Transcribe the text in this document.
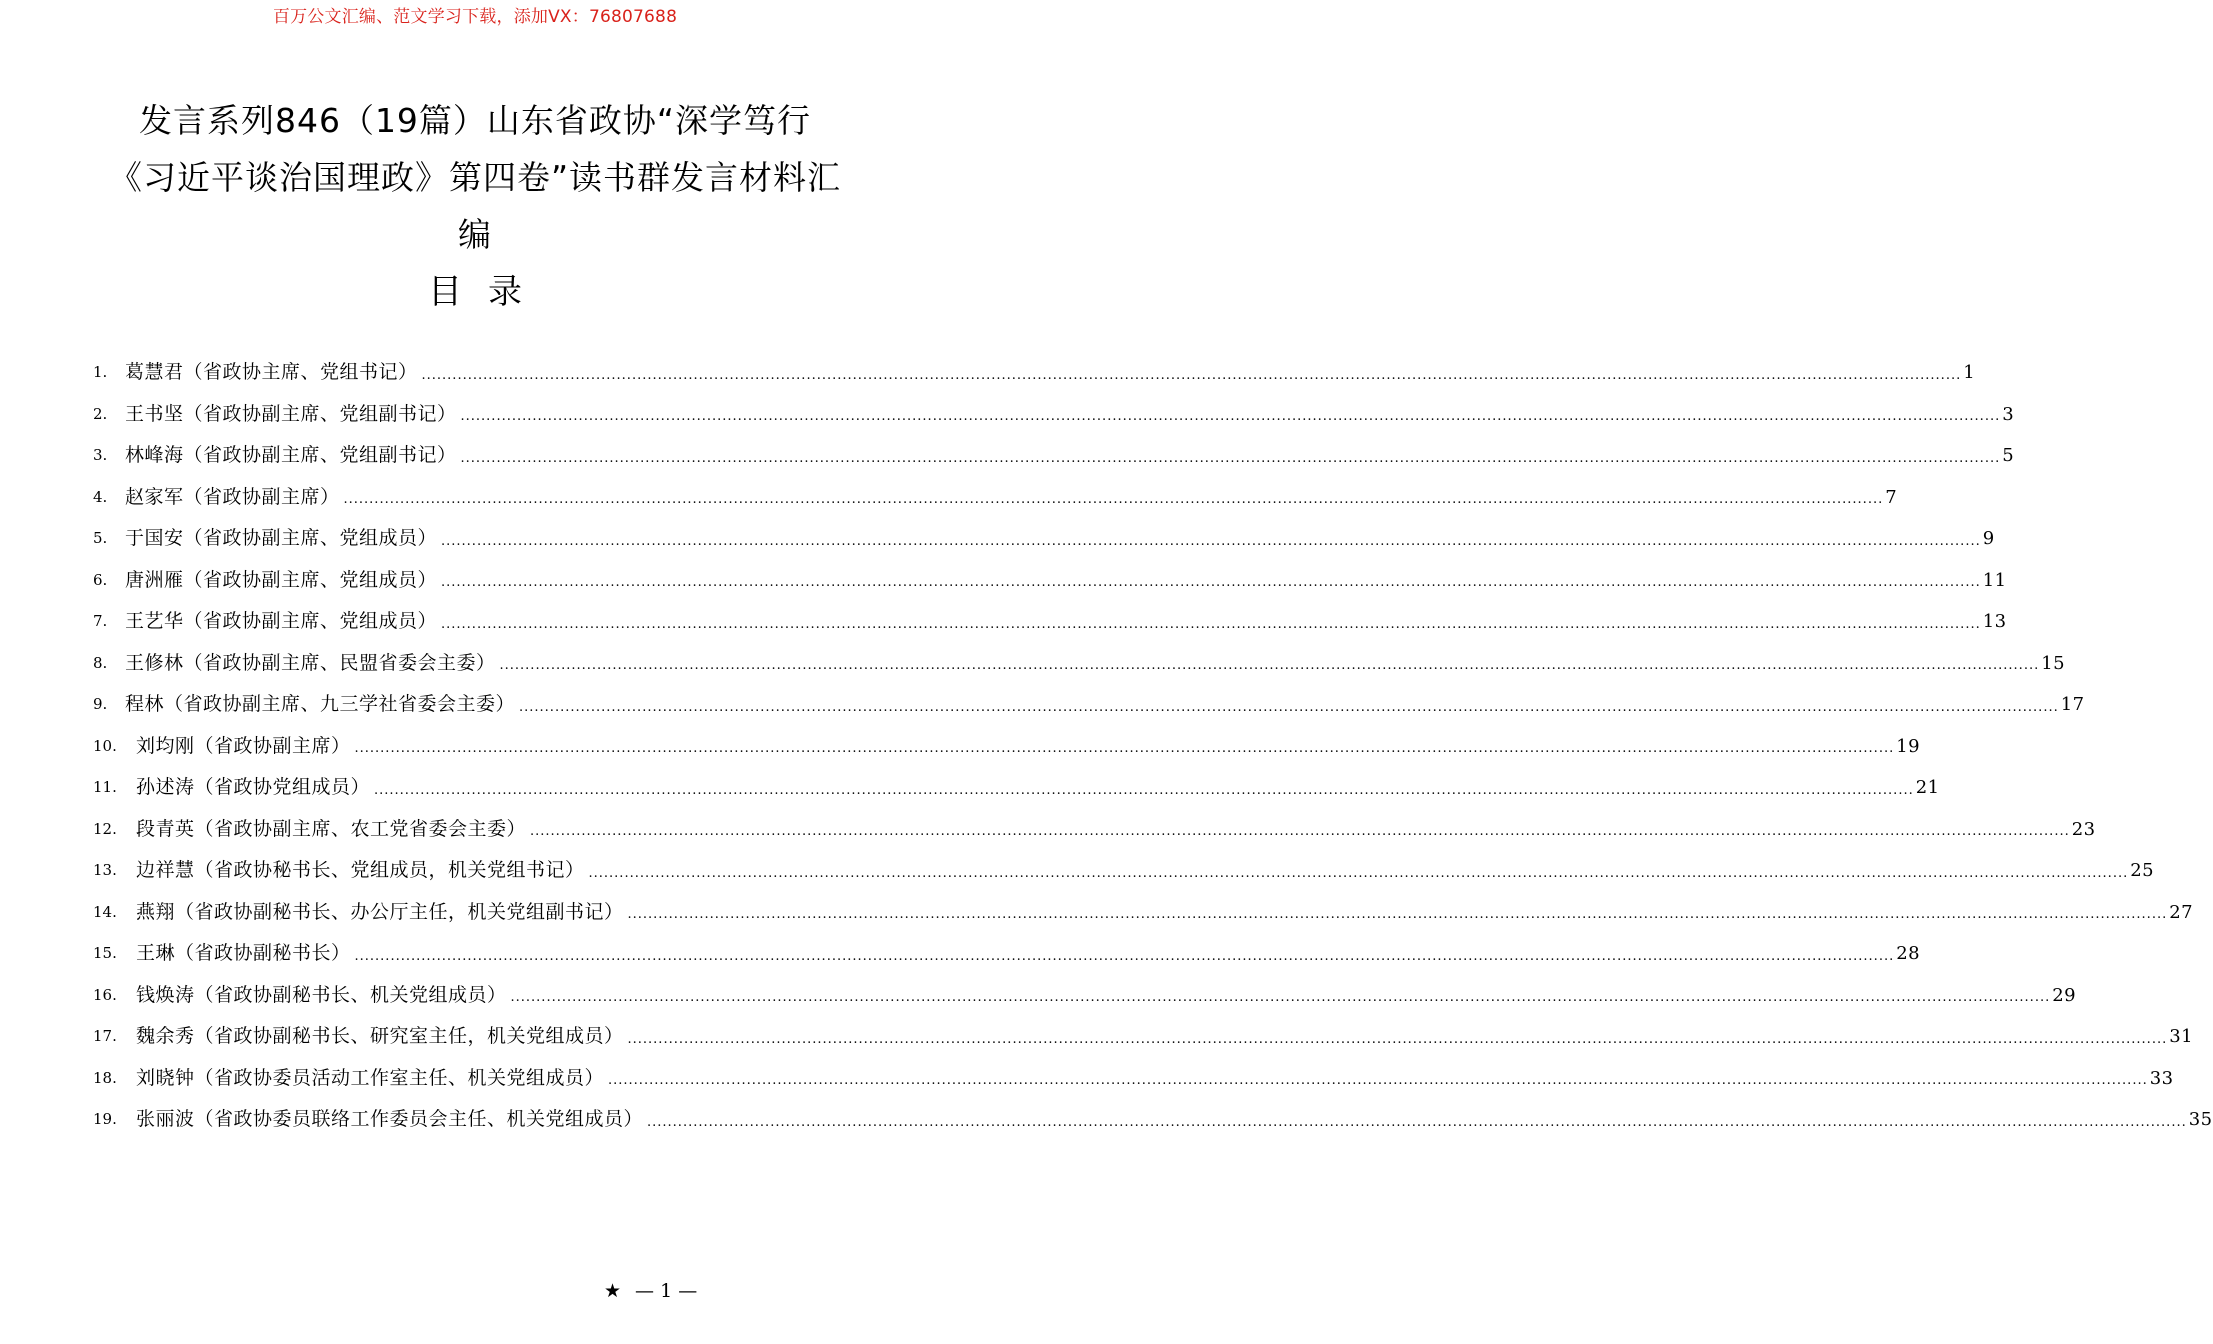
百万公文汇编、范文学习下载，添加VX：76807688
发言系列846（19篇）山东省政协“深学笃行
《习近平谈治国理政》第四卷”读书群发言材料汇
编
目录
1. 葛慧君（省政协主席、党组书记） ............................................................................................................................................................................................................................................................................................................ 1
2. 王书坚（省政协副主席、党组副书记） ............................................................................................................................................................................................................................................................................................................ 3
3. 林峰海（省政协副主席、党组副书记） ............................................................................................................................................................................................................................................................................................................ 5
4. 赵家军（省政协副主席） ............................................................................................................................................................................................................................................................................................................ 7
5. 于国安（省政协副主席、党组成员） ............................................................................................................................................................................................................................................................................................................ 9
6. 唐洲雁（省政协副主席、党组成员） ............................................................................................................................................................................................................................................................................................................ 11
7. 王艺华（省政协副主席、党组成员） ............................................................................................................................................................................................................................................................................................................ 13
8. 王修林（省政协副主席、民盟省委会主委） ............................................................................................................................................................................................................................................................................................................ 15
9. 程林（省政协副主席、九三学社省委会主委） ............................................................................................................................................................................................................................................................................................................ 17
10.	刘均刚（省政协副主席） ............................................................................................................................................................................................................................................................................................................ 19
11.	孙述涛（省政协党组成员） ............................................................................................................................................................................................................................................................................................................ 21
12.	段青英（省政协副主席、农工党省委会主委） ............................................................................................................................................................................................................................................................................................................ 23
13.	边祥慧（省政协秘书长、党组成员，机关党组书记） ............................................................................................................................................................................................................................................................................................................ 25
14.	燕翔（省政协副秘书长、办公厅主任，机关党组副书记） ............................................................................................................................................................................................................................................................................................................ 27
15.	王琳（省政协副秘书长） ............................................................................................................................................................................................................................................................................................................ 28
16.	钱焕涛（省政协副秘书长、机关党组成员） ............................................................................................................................................................................................................................................................................................................ 29
17.	魏余秀（省政协副秘书长、研究室主任，机关党组成员） ............................................................................................................................................................................................................................................................................................................ 31
18.	刘晓钟（省政协委员活动工作室主任、机关党组成员） ............................................................................................................................................................................................................................................................................................................ 33
19.	张丽波（省政协委员联络工作委员会主任、机关党组成员） ............................................................................................................................................................................................................................................................................................................ 35
★ — 1 —
